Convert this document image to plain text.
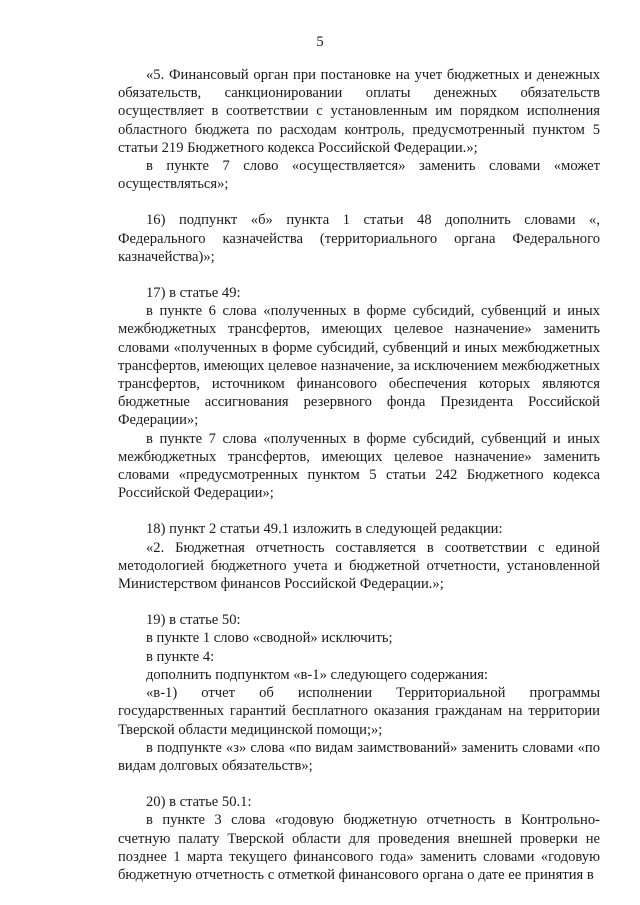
5

«5. Финансовый орган при постановке на учет бюджетных и денежных обязательств, санкционировании оплаты денежных обязательств осуществляет в соответствии с установленным им порядком исполнения областного бюджета по расходам контроль, предусмотренный пунктом 5 статьи 219 Бюджетного кодекса Российской Федерации.»;

в пункте 7 слово «осуществляется» заменить словами «может осуществляться»;

16) подпункт «б» пункта 1 статьи 48 дополнить словами «, Федерального казначейства (территориального органа Федерального казначейства)»;

17) в статье 49:

в пункте 6 слова «полученных в форме субсидий, субвенций и иных межбюджетных трансфертов, имеющих целевое назначение» заменить словами «полученных в форме субсидий, субвенций и иных межбюджетных трансфертов, имеющих целевое назначение, за исключением межбюджетных трансфертов, источником финансового обеспечения которых являются бюджетные ассигнования резервного фонда Президента Российской Федерации»;

в пункте 7 слова «полученных в форме субсидий, субвенций и иных межбюджетных трансфертов, имеющих целевое назначение» заменить словами «предусмотренных пунктом 5 статьи 242 Бюджетного кодекса Российской Федерации»;

18) пункт 2 статьи 49.1 изложить в следующей редакции:

«2. Бюджетная отчетность составляется в соответствии с единой методологией бюджетного учета и бюджетной отчетности, установленной Министерством финансов Российской Федерации.»;

19) в статье 50:

в пункте 1 слово «сводной» исключить;

в пункте 4:

дополнить подпунктом «в-1» следующего содержания:

«в-1) отчет об исполнении Территориальной программы государственных гарантий бесплатного оказания гражданам на территории Тверской области медицинской помощи;»;

в подпункте «з» слова «по видам заимствований» заменить словами «по видам долговых обязательств»;

20) в статье 50.1:

в пункте 3 слова «годовую бюджетную отчетность в Контрольно-счетную палату Тверской области для проведения внешней проверки не позднее 1 марта текущего финансового года» заменить словами «годовую бюджетную отчетность с отметкой финансового органа о дате ее принятия в
